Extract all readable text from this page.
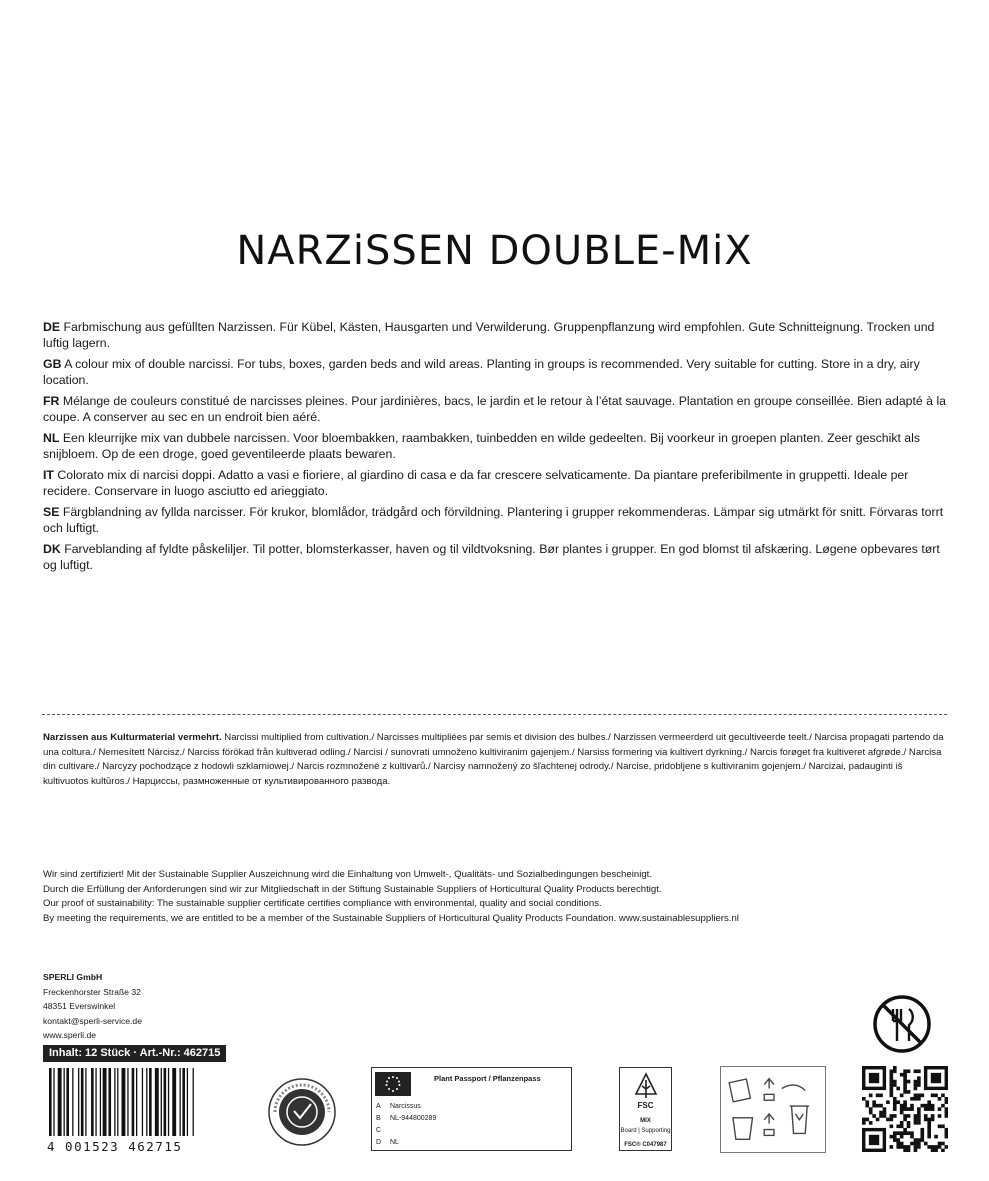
NARZiSSEN DOUBLE-MiX

DE Farbmischung aus gefüllten Narzissen. Für Kübel, Kästen, Hausgarten und Verwilderung. Gruppenpflanzung wird empfohlen. Gute Schnitteignung. Trocken und luftig lagern.

GB A colour mix of double narcissi. For tubs, boxes, garden beds and wild areas. Planting in groups is recommended. Very suitable for cutting. Store in a dry, airy location.

FR Mélange de couleurs constitué de narcisses pleines. Pour jardinières, bacs, le jardin et le retour à l’état sauvage. Plantation en groupe conseillée. Bien adapté à la coupe. A conserver au sec en un endroit bien aéré.

NL Een kleurrijke mix van dubbele narcissen. Voor bloembakken, raambakken, tuinbedden en wilde gedeelten. Bij voorkeur in groepen planten. Zeer geschikt als snijbloem. Op de een droge, goed geventileerde plaats bewaren.

IT Colorato mix di narcisi doppi. Adatto a vasi e fioriere, al giardino di casa e da far crescere selvaticamente. Da piantare preferibilmente in gruppetti. Ideale per recidere. Conservare in luogo asciutto ed arieggiato.

SE Färgblandning av fyllda narcisser. För krukor, blomlådor, trädgård och förvildning. Plantering i grupper rekommenderas. Lämpar sig utmärkt för snitt. Förvaras torrt och luftigt.

DK Farveblanding af fyldte påskeliljer. Til potter, blomsterkasser, haven og til vildtvoksning. Bør plantes i grupper. En god blomst til afskæring. Løgene opbevares tørt og luftigt.

Narzissen aus Kulturmaterial vermehrt. Narcissi multiplied from cultivation./ Narcisses multipliées par semis et division des bulbes./ Narzissen vermeerderd uit gecultiveerde teelt./ Narcisa propagati partendo da una coltura./ Nemesített Nárcisz./ Narciss förökad från kultiverad odling./ Narcisi / sunovrati umnoženo kultiviranim gajenjem./ Narsiss formering via kultivert dyrkning./ Narcis forøget fra kultiveret afgrøde./ Narcisa din cultivare./ Narcyzy pochodzące z hodowli szklarniowej./ Narcis rozmnožené z kultivarů./ Narcisy namnožený zo šľachtenej odrody./ Narcise, pridobljene s kultiviranim gojenjem./ Narcizai, padauginti iš kultivuotos kultūros./ Нарциссы, размноженные от культивированного разводa.

Wir sind zertifiziert! Mit der Sustainable Supplier Auszeichnung wird die Einhaltung von Umwelt-, Qualitäts- und Sozialbedingungen bescheinigt.

Durch die Erfüllung der Anforderungen sind wir zur Mitgliedschaft in der Stiftung Sustainable Suppliers of Horticultural Quality Products berechtigt.

Our proof of sustainability: The sustainable supplier certificate certifies compliance with environmental, quality and social conditions.

By meeting the requirements, we are entitled to be a member of the Sustainable Suppliers of Horticultural Quality Products Foundation. www.sustainablesuppliers.nl

SPERLI GmbH

Freckenhorster Straße 32

48351 Everswinkel

kontakt@sperli-service.de

www.sperli.de

Inhalt: 12 Stück · Art.-Nr.: 462715
4 001523 462715
Plant Passport / Pflanzenpass
A Narcissus
B NL-944800289
C
D NL
FSC
MIX
Board | Supporting
FSC® C047987
